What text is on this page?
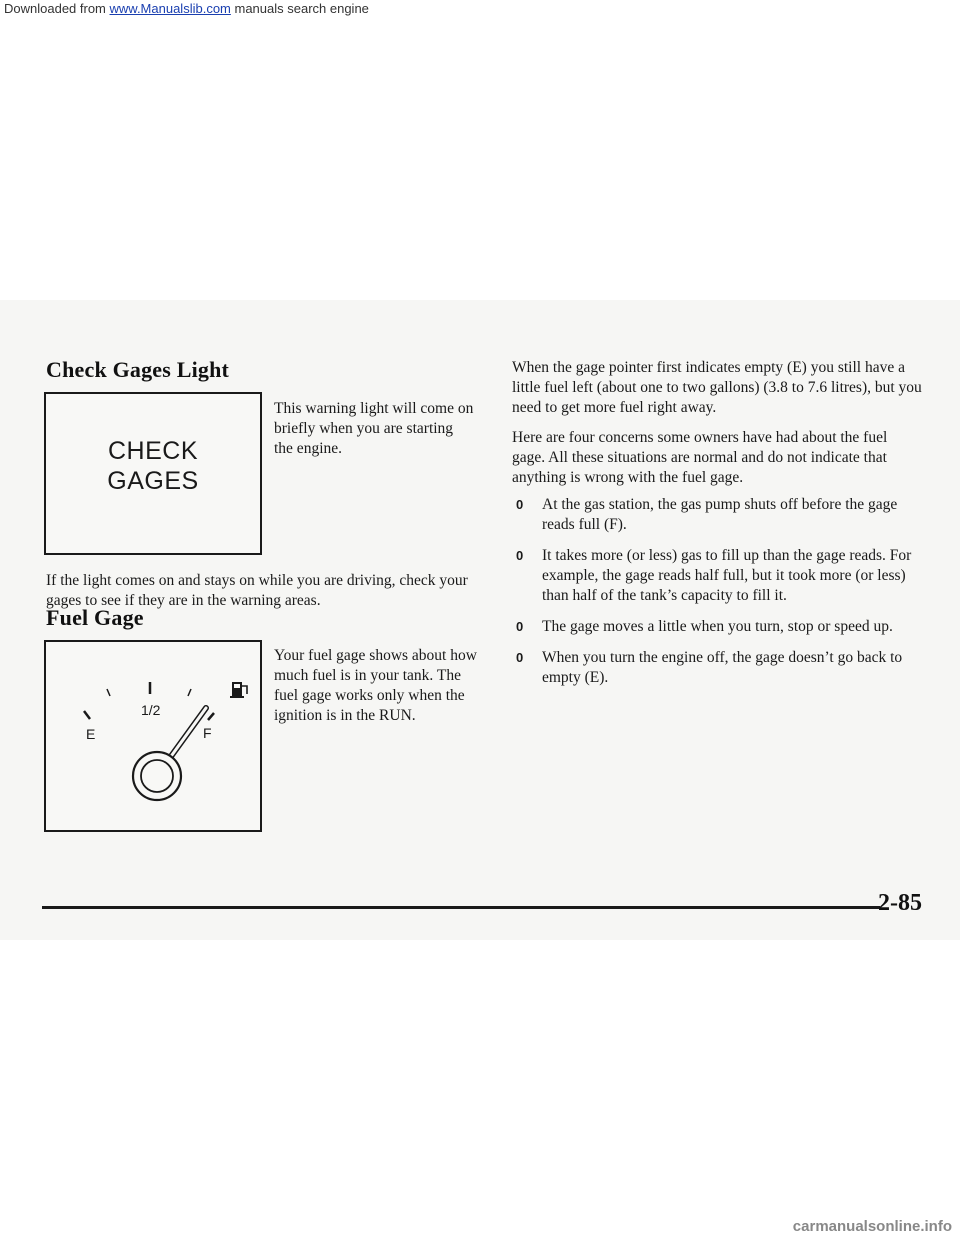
Downloaded from www.Manualslib.com manuals search engine
Check Gages Light
CHECK
GAGES

This warning light will come on briefly when you are starting the engine.

If the light comes on and stays on while you are driving, check your gages to see if they are in the warning areas.

Fuel Gage
1/2
E	F

Your fuel gage shows about how much fuel is in your tank. The fuel gage works only when the ignition is in the RUN.

When the gage pointer first indicates empty (E) you still have a little fuel left (about one to two gallons) (3.8 to 7.6 litres), but you need to get more fuel right away.

Here are four concerns some owners have had about the fuel gage. All these situations are normal and do not indicate that anything is wrong with the fuel gage.

0 At the gas station, the gas pump shuts off before the gage reads full (F).
0 It takes more (or less) gas to fill up than the gage reads. For example, the gage reads half full, but it took more (or less) than half of the tank’s capacity to fill it.
0 The gage moves a little when you turn, stop or speed up.
0 When you turn the engine off, the gage doesn’t go back to empty (E).
2-85
carmanualsonline.info
